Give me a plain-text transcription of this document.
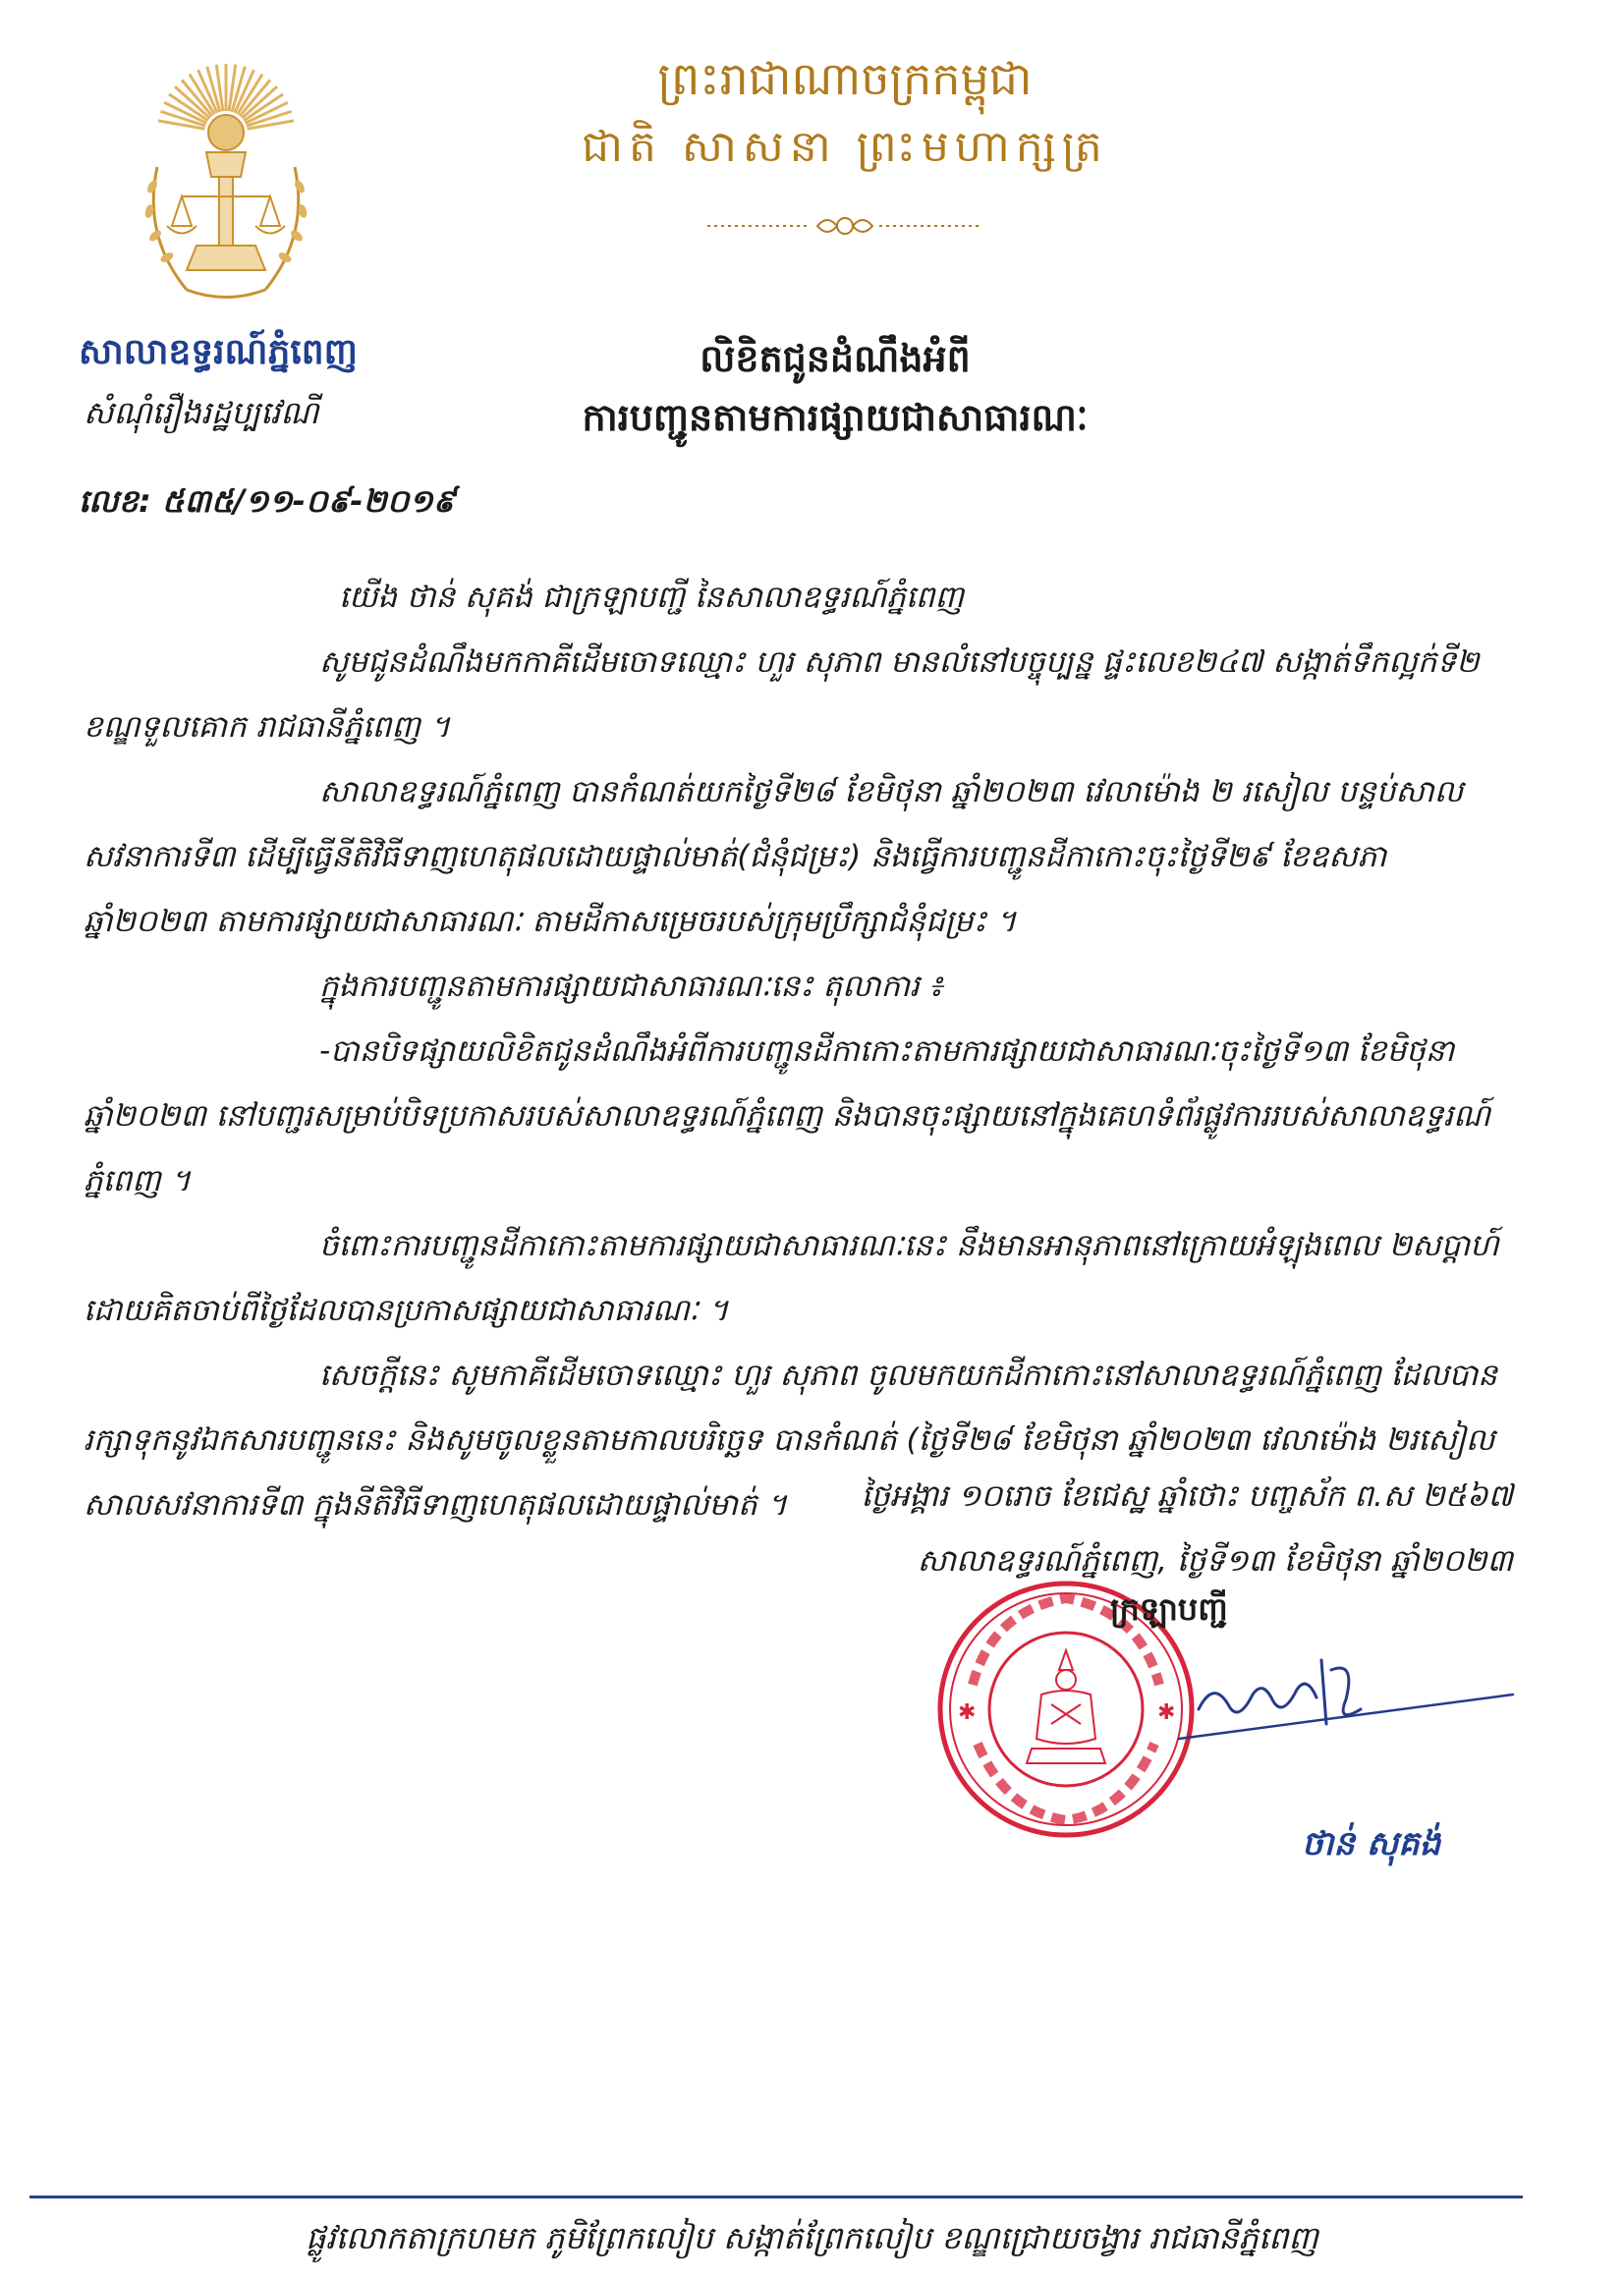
ព្រះរាជាណាចក្រកម្ពុជា
ជាតិ សាសនា ព្រះមហាក្សត្រ
សាលាឧទ្ធរណ៍ភ្នំពេញ
សំណុំរឿងរដ្ឋប្បវេណី
លេខ: ៥៣៥/១១-០៩-២០១៩
លិខិតជូនដំណឹងអំពី
ការបញ្ជូនតាមការផ្សាយជាសាធារណៈ

យើង ថាន់ សុគង់ ជាក្រឡាបញ្ជី នៃសាលាឧទ្ធរណ៍ភ្នំពេញ

សូមជូនដំណឹងមកកាគីដើមចោទឈ្មោះ ហួរ សុភាព មានលំនៅបច្ចុប្បន្ន ផ្ទះលេខ២៤៧ សង្កាត់ទឹកល្អក់ទី២ ខណ្ឌទួលគោក រាជធានីភ្នំពេញ ។

សាលាឧទ្ធរណ៍ភ្នំពេញ បានកំណត់យកថ្ងៃទី២៨ ខែមិថុនា ឆ្នាំ២០២៣ វេលាម៉ោង ២ រសៀល បន្ទប់សាលសវនាការទី៣ ដើម្បីធ្វើនីតិវិធីទាញហេតុផលដោយផ្ទាល់មាត់(ជំនុំជម្រះ) និងធ្វើការបញ្ជូនដីកាកោះចុះថ្ងៃទី២៩ ខែឧសភា ឆ្នាំ២០២៣ តាមការផ្សាយជាសាធារណៈ តាមដីកាសម្រេចរបស់ក្រុមប្រឹក្សាជំនុំជម្រះ ។

ក្នុងការបញ្ជូនតាមការផ្សាយជាសាធារណៈនេះ តុលាការ ៖

-បានបិទផ្សាយលិខិតជូនដំណឹងអំពីការបញ្ជូនដីកាកោះតាមការផ្សាយជាសាធារណៈចុះថ្ងៃទី១៣ ខែមិថុនា ឆ្នាំ២០២៣ នៅបញ្ជរសម្រាប់បិទប្រកាសរបស់សាលាឧទ្ធរណ៍ភ្នំពេញ និងបានចុះផ្សាយនៅក្នុងគេហទំព័រផ្លូវការរបស់សាលាឧទ្ធរណ៍ភ្នំពេញ ។

ចំពោះការបញ្ជូនដីកាកោះតាមការផ្សាយជាសាធារណៈនេះ នឹងមានអានុភាពនៅក្រោយអំឡុងពេល ២សប្តាហ៍ ដោយគិតចាប់ពីថ្ងៃដែលបានប្រកាសផ្សាយជាសាធារណៈ ។

សេចក្តីនេះ សូមកាគីដើមចោទឈ្មោះ ហួរ សុភាព ចូលមកយកដីកាកោះនៅសាលាឧទ្ធរណ៍ភ្នំពេញ ដែលបានរក្សាទុកនូវឯកសារបញ្ជូននេះ និងសូមចូលខ្លួនតាមកាលបរិច្ឆេទ បានកំណត់ (ថ្ងៃទី២៨ ខែមិថុនា ឆ្នាំ២០២៣ វេលាម៉ោង ២រសៀល សាលសវនាការទី៣ ក្នុងនីតិវិធីទាញហេតុផលដោយផ្ទាល់មាត់ ។	ថ្ងៃអង្គារ ១០រោច ខែជេស្ឋ ឆ្នាំថោះ បញ្ចស័ក ព.ស ២៥៦៧
សាលាឧទ្ធរណ៍ភ្នំពេញ, ថ្ងៃទី១៣ ខែមិថុនា ឆ្នាំ២០២៣
✱	✱
ក្រឡាបញ្ជី
ថាន់ សុគង់
ផ្លូវលោកតាក្រហមក ភូមិព្រែកលៀប សង្កាត់ព្រែកលៀប ខណ្ឌជ្រោយចង្វារ រាជធានីភ្នំពេញ
